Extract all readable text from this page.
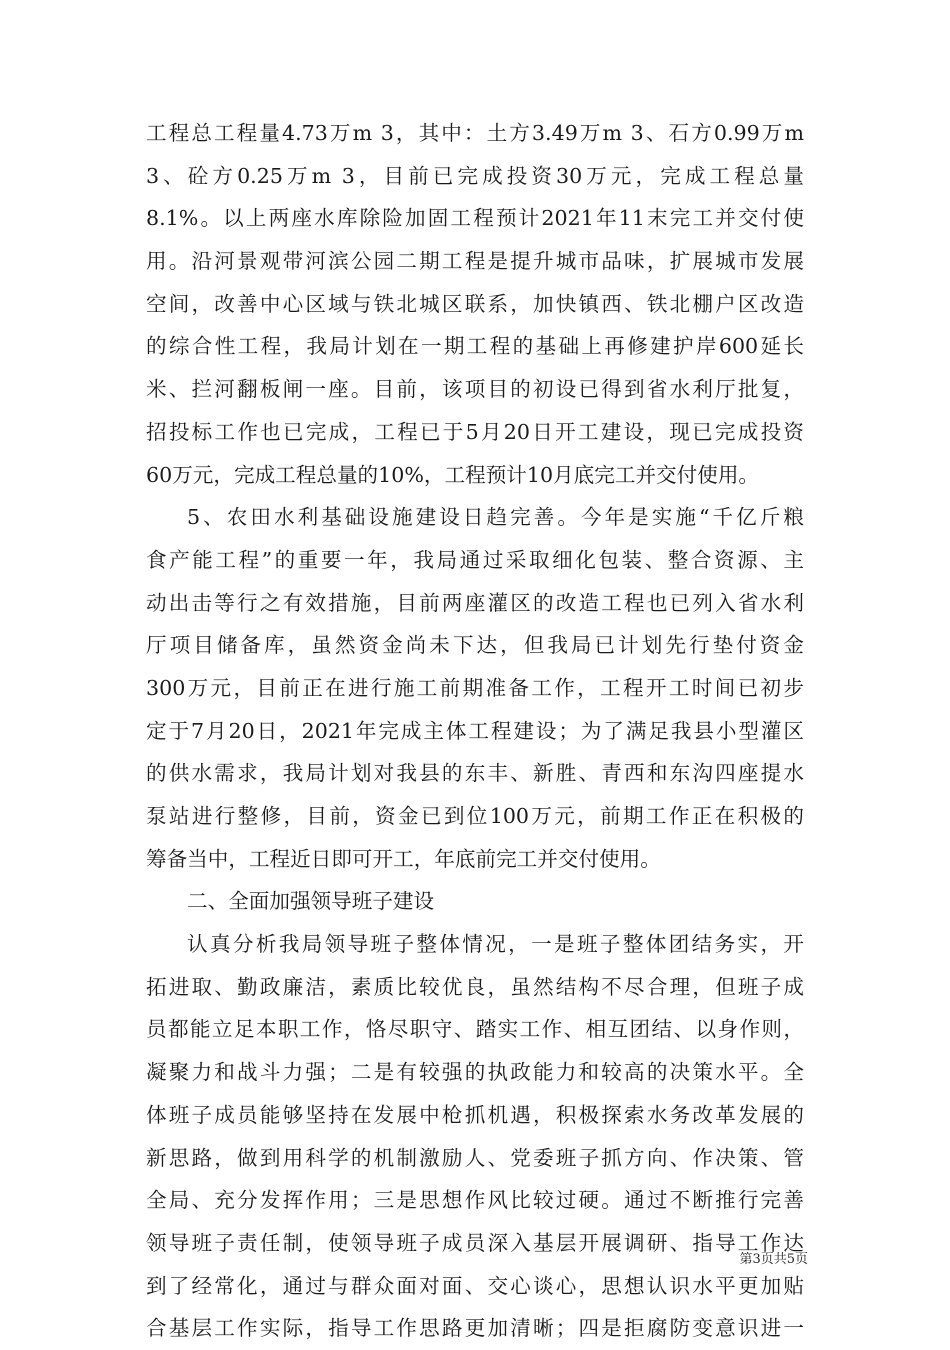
工程总工程量4.73万m 3，其中：土方3.49万m 3、石方0.99万m
3、砼方0.25万m 3，目前已完成投资30万元，完成工程总量
8.1%。以上两座水库除险加固工程预计2021年11末完工并交付使
用。沿河景观带河滨公园二期工程是提升城市品味，扩展城市发展
空间，改善中心区域与铁北城区联系，加快镇西、铁北棚户区改造
的综合性工程，我局计划在一期工程的基础上再修建护岸600延长
米、拦河翻板闸一座。目前，该项目的初设已得到省水利厅批复，
招投标工作也已完成，工程已于5月20日开工建设，现已完成投资
60万元，完成工程总量的10%，工程预计10月底完工并交付使用。
5、农田水利基础设施建设日趋完善。今年是实施“千亿斤粮
食产能工程”的重要一年，我局通过采取细化包装、整合资源、主
动出击等行之有效措施，目前两座灌区的改造工程也已列入省水利
厅项目储备库，虽然资金尚未下达，但我局已计划先行垫付资金
300万元，目前正在进行施工前期准备工作，工程开工时间已初步
定于7月20日，2021年完成主体工程建设；为了满足我县小型灌区
的供水需求，我局计划对我县的东丰、新胜、青西和东沟四座提水
泵站进行整修，目前，资金已到位100万元，前期工作正在积极的
筹备当中，工程近日即可开工，年底前完工并交付使用。
二、全面加强领导班子建设
认真分析我局领导班子整体情况，一是班子整体团结务实，开
拓进取、勤政廉洁，素质比较优良，虽然结构不尽合理，但班子成
员都能立足本职工作，恪尽职守、踏实工作、相互团结、以身作则，
凝聚力和战斗力强；二是有较强的执政能力和较高的决策水平。全
体班子成员能够坚持在发展中枪抓机遇，积极探索水务改革发展的
新思路，做到用科学的机制激励人、党委班子抓方向、作决策、管
全局、充分发挥作用；三是思想作风比较过硬。通过不断推行完善
领导班子责任制，使领导班子成员深入基层开展调研、指导工作达
到了经常化，通过与群众面对面、交心谈心，思想认识水平更加贴
合基层工作实际，指导工作思路更加清晰；四是拒腐防变意识进一
第3页共5页
